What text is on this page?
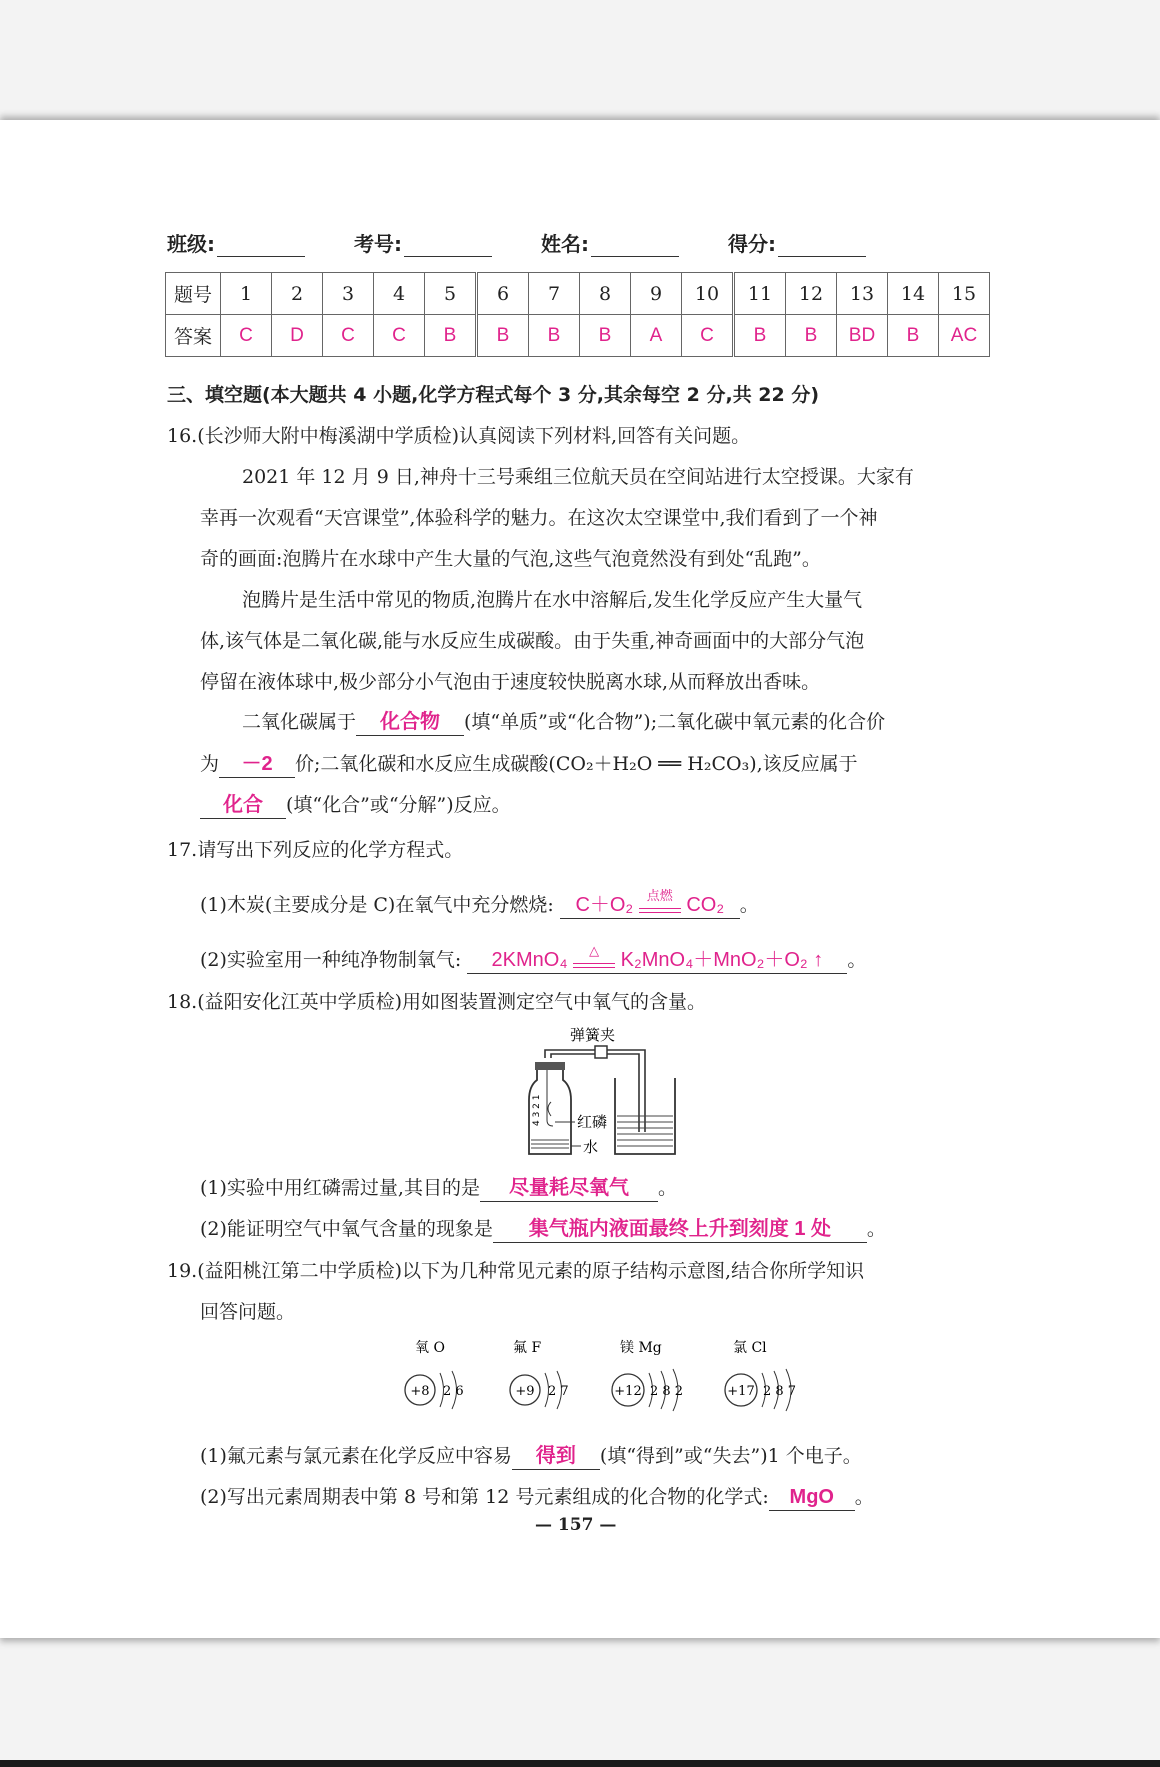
班级:	考号:	姓名:	得分:
题号	1	2	3	4	5	6	7	8	9	10	11	12	13	14	15
答案	C	D	C	C	B	B	B	B	A	C	B	B	BD	B	AC
三、填空题(本大题共 4 小题,化学方程式每个 3 分,其余每空 2 分,共 22 分)
16.(长沙师大附中梅溪湖中学质检)认真阅读下列材料,回答有关问题。
2021 年 12 月 9 日,神舟十三号乘组三位航天员在空间站进行太空授课。大家有
幸再一次观看“天宫课堂”,体验科学的魅力。在这次太空课堂中,我们看到了一个神
奇的画面:泡腾片在水球中产生大量的气泡,这些气泡竟然没有到处“乱跑”。
泡腾片是生活中常见的物质,泡腾片在水中溶解后,发生化学反应产生大量气
体,该气体是二氧化碳,能与水反应生成碳酸。由于失重,神奇画面中的大部分气泡
停留在液体球中,极少部分小气泡由于速度较快脱离水球,从而释放出香味。
二氧化碳属于 化合物 (填“单质”或“化合物”);二氧化碳中氧元素的化合价
为 －2 价;二氧化碳和水反应生成碳酸(CO₂＋H₂O ══ H₂CO₃),该反应属于
化合 (填“化合”或“分解”)反应。
17.请写出下列反应的化学方程式。
(1)木炭(主要成分是 C)在氧气中充分燃烧: C＋O₂	点燃 CO₂ 。
(2)实验室用一种纯净物制氧气: 2KMnO₄	△	K₂MnO₄＋MnO₂＋O₂ ↑ 。
18.(益阳安化江英中学质检)用如图装置测定空气中氧气的含量。
弹簧夹
4 3 2 1 红磷
水
(1)实验中用红磷需过量,其目的是 尽量耗尽氧气 。
(2)能证明空气中氧气含量的现象是 集气瓶内液面最终上升到刻度 1 处 。
19.(益阳桃江第二中学质检)以下为几种常见元素的原子结构示意图,结合你所学知识
回答问题。
氧 O
+8 2 6
氟 F
+9 2 7
镁 Mg
+12 2 8 2
氯 Cl
+17 2 8 7
(1)氟元素与氯元素在化学反应中容易 得到 (填“得到”或“失去”)1 个电子。
(2)写出元素周期表中第 8 号和第 12 号元素组成的化合物的化学式: MgO 。
— 157 —
